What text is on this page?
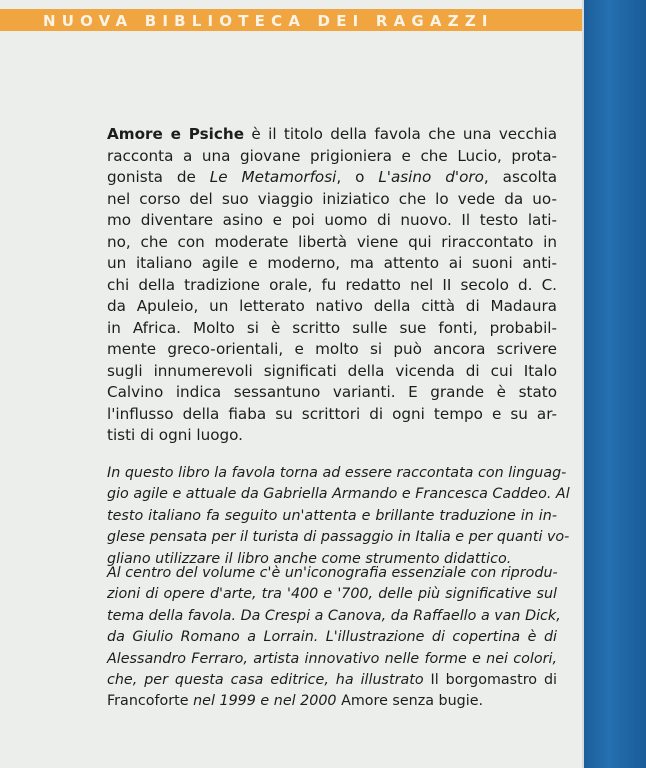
NUOVA BIBLIOTECA DEI RAGAZZI
Amore e Psiche è il titolo della favola che una vecchia
racconta a una giovane prigioniera e che Lucio, prota-
gonista de Le Metamorfosi, o L'asino d'oro, ascolta
nel corso del suo viaggio iniziatico che lo vede da uo-
mo diventare asino e poi uomo di nuovo. Il testo lati-
no, che con moderate libertà viene qui riraccontato in
un italiano agile e moderno, ma attento ai suoni anti-
chi della tradizione orale, fu redatto nel II secolo d. C.
da Apuleio, un letterato nativo della città di Madaura
in Africa. Molto si è scritto sulle sue fonti, probabil-
mente greco-orientali, e molto si può ancora scrivere
sugli innumerevoli significati della vicenda di cui Italo
Calvino indica sessantuno varianti. E grande è stato
l'influsso della fiaba su scrittori di ogni tempo e su ar-
tisti di ogni luogo.
In questo libro la favola torna ad essere raccontata con linguag-
gio agile e attuale da Gabriella Armando e Francesca Caddeo. Al
testo italiano fa seguito un'attenta e brillante traduzione in in-
glese pensata per il turista di passaggio in Italia e per quanti vo-
gliano utilizzare il libro anche come strumento didattico.
Al centro del volume c'è un'iconografia essenziale con riprodu-
zioni di opere d'arte, tra '400 e '700, delle più significative sul
tema della favola. Da Crespi a Canova, da Raffaello a van Dick,
da Giulio Romano a Lorrain. L'illustrazione di copertina è di
Alessandro Ferraro, artista innovativo nelle forme e nei colori,
che, per questa casa editrice, ha illustrato Il borgomastro di
Francoforte nel 1999 e nel 2000 Amore senza bugie.
